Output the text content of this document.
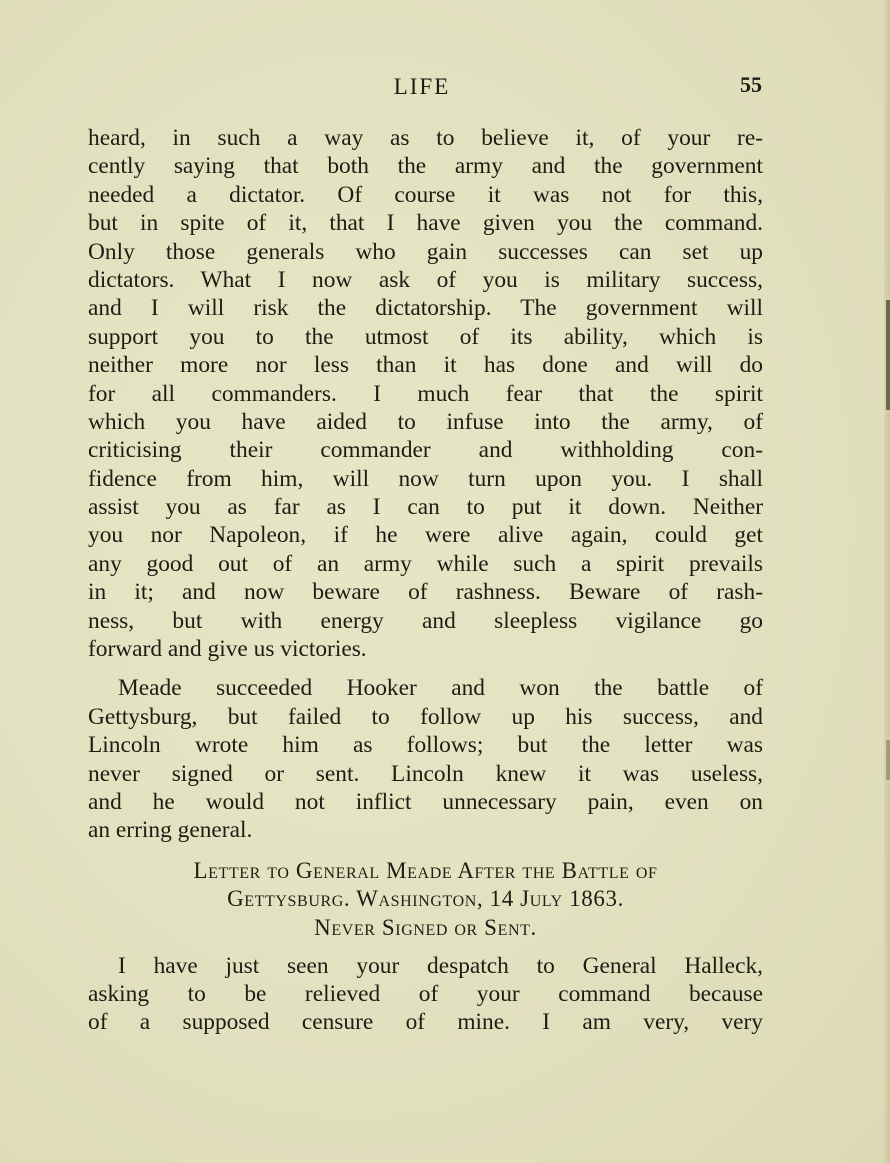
LIFE	55
heard, in such a way as to believe it, of your re-
cently saying that both the army and the government
needed a dictator. Of course it was not for this,
but in spite of it, that I have given you the command.
Only those generals who gain successes can set up
dictators. What I now ask of you is military success,
and I will risk the dictatorship. The government will
support you to the utmost of its ability, which is
neither more nor less than it has done and will do
for all commanders. I much fear that the spirit
which you have aided to infuse into the army, of
criticising their commander and withholding con-
fidence from him, will now turn upon you. I shall
assist you as far as I can to put it down. Neither
you nor Napoleon, if he were alive again, could get
any good out of an army while such a spirit prevails
in it; and now beware of rashness. Beware of rash-
ness, but with energy and sleepless vigilance go
forward and give us victories.
Meade succeeded Hooker and won the battle of
Gettysburg, but failed to follow up his success, and
Lincoln wrote him as follows; but the letter was
never signed or sent. Lincoln knew it was useless,
and he would not inflict unnecessary pain, even on
an erring general.
Letter to General Meade After the Battle of
Gettysburg. Washington, 14 July 1863.
Never Signed or Sent.
I have just seen your despatch to General Halleck,
asking to be relieved of your command because
of a supposed censure of mine. I am very, very
